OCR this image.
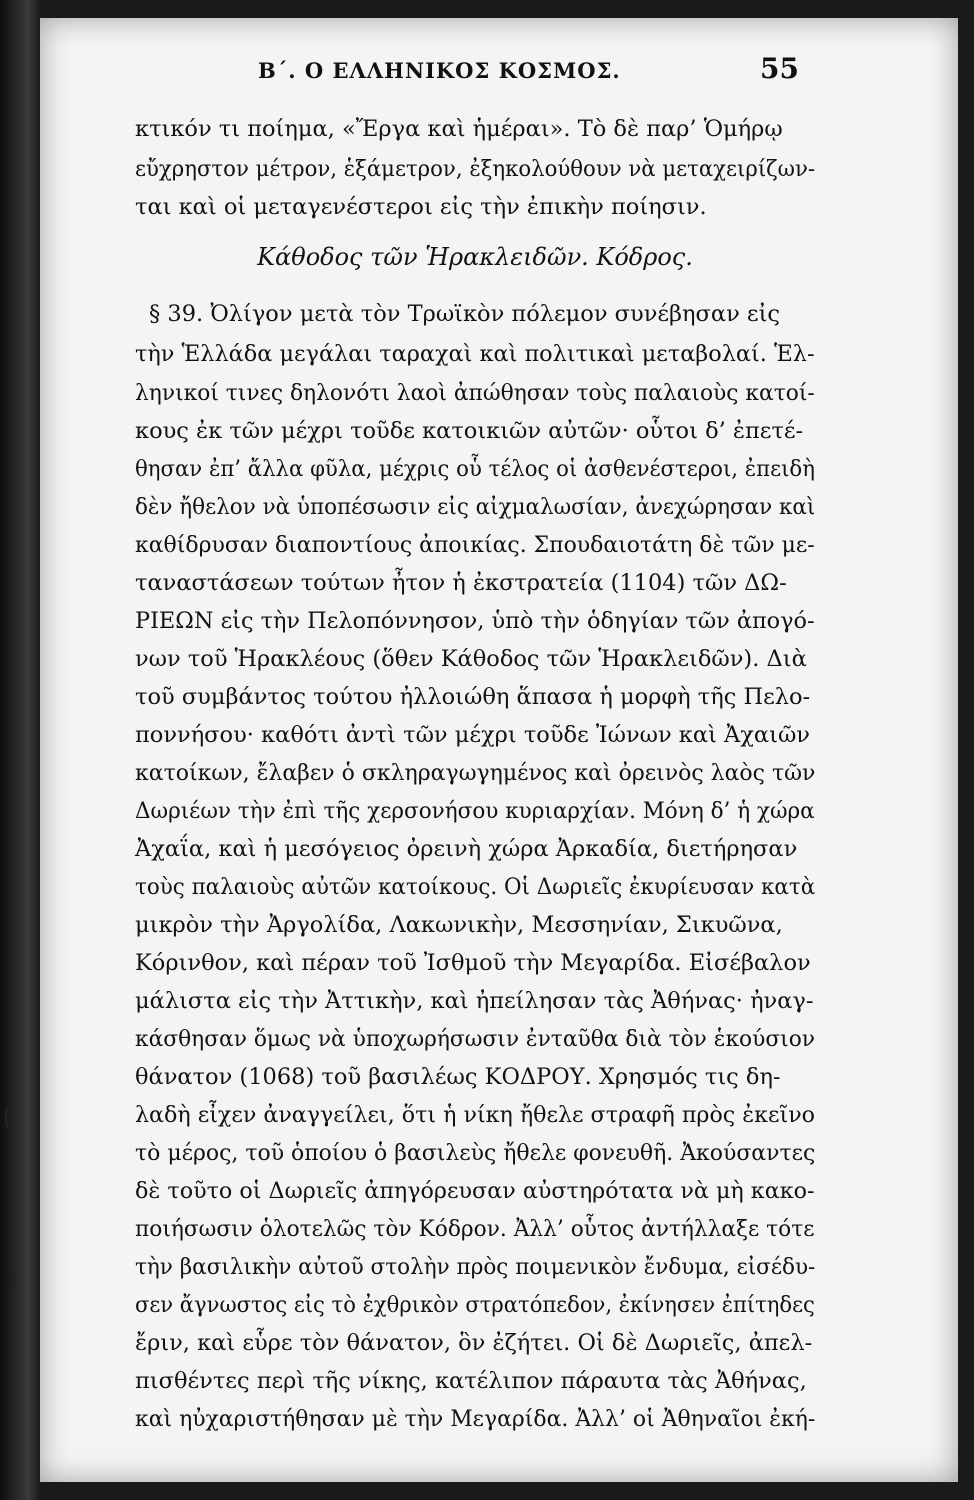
Β΄. Ο ΕΛΛΗΝΙΚΟΣ ΚΟΣΜΟΣ.	55
(
)
κτικόν τι ποίημα, «Ἔργα καὶ ἡμέραι». Τὸ δὲ παρ’ Ὁμήρῳ
εὔχρηστον μέτρον, ἑξάμετρον, ἐξηκολούθουν νὰ μεταχειρίζων-
ται καὶ οἱ μεταγενέστεροι εἰς τὴν ἐπικὴν ποίησιν.
Κάθοδος τῶν Ἡρακλειδῶν. Κόδρος.
§ 39. Ὀλίγον μετὰ τὸν Τρωϊκὸν πόλεμον συνέβησαν εἰς
τὴν Ἑλλάδα μεγάλαι ταραχαὶ καὶ πολιτικαὶ μεταβολαί. Ἑλ-
ληνικοί τινες δηλονότι λαοὶ ἀπώθησαν τοὺς παλαιοὺς κατοί-
κους ἐκ τῶν μέχρι τοῦδε κατοικιῶν αὐτῶν· οὗτοι δ’ ἐπετέ-
θησαν ἐπ’ ἄλλα φῦλα, μέχρις οὗ τέλος οἱ ἀσθενέστεροι, ἐπειδὴ
δὲν ἤθελον νὰ ὑποπέσωσιν εἰς αἰχμαλωσίαν, ἀνεχώρησαν καὶ
καθίδρυσαν διαποντίους ἀποικίας. Σπουδαιοτάτη δὲ τῶν με-
ταναστάσεων τούτων ἦτον ἡ ἐκστρατεία (1104) τῶν ΔΩ-
ΡΙΕΩΝ εἰς τὴν Πελοπόννησον, ὑπὸ τὴν ὁδηγίαν τῶν ἀπογό-
νων τοῦ Ἡρακλέους (ὅθεν Κάθοδος τῶν Ἡρακλειδῶν). Διὰ
τοῦ συμβάντος τούτου ἠλλοιώθη ἅπασα ἡ μορφὴ τῆς Πελο-
ποννήσου· καθότι ἀντὶ τῶν μέχρι τοῦδε Ἰώνων καὶ Ἀχαιῶν
κατοίκων, ἔλαβεν ὁ σκληραγωγημένος καὶ ὀρεινὸς λαὸς τῶν
Δωριέων τὴν ἐπὶ τῆς χερσονήσου κυριαρχίαν. Μόνη δ’ ἡ χώρα
Ἀχαΐα, καὶ ἡ μεσόγειος ὀρεινὴ χώρα Ἀρκαδία, διετήρησαν
τοὺς παλαιοὺς αὐτῶν κατοίκους. Οἱ Δωριεῖς ἐκυρίευσαν κατὰ
μικρὸν τὴν Ἀργολίδα, Λακωνικὴν, Μεσσηνίαν, Σικυῶνα,
Κόρινθον, καὶ πέραν τοῦ Ἰσθμοῦ τὴν Μεγαρίδα. Εἰσέβαλον
μάλιστα εἰς τὴν Ἀττικὴν, καὶ ἠπείλησαν τὰς Ἀθήνας· ἠναγ-
κάσθησαν ὅμως νὰ ὑποχωρήσωσιν ἐνταῦθα διὰ τὸν ἑκούσιον
θάνατον (1068) τοῦ βασιλέως ΚΟΔΡΟΥ. Χρησμός τις δη-
λαδὴ εἶχεν ἀναγγείλει, ὅτι ἡ νίκη ἤθελε στραφῆ πρὸς ἐκεῖνο
τὸ μέρος, τοῦ ὁποίου ὁ βασιλεὺς ἤθελε φονευθῆ. Ἀκούσαντες
δὲ τοῦτο οἱ Δωριεῖς ἀπηγόρευσαν αὐστηρότατα νὰ μὴ κακο-
ποιήσωσιν ὁλοτελῶς τὸν Κόδρον. Ἀλλ’ οὗτος ἀντήλλαξε τότε
τὴν βασιλικὴν αὐτοῦ στολὴν πρὸς ποιμενικὸν ἔνδυμα, εἰσέδυ-
σεν ἄγνωστος εἰς τὸ ἐχθρικὸν στρατόπεδον, ἐκίνησεν ἐπίτηδες
ἔριν, καὶ εὗρε τὸν θάνατον, ὃν ἐζήτει. Οἱ δὲ Δωριεῖς, ἀπελ-
πισθέντες περὶ τῆς νίκης, κατέλιπον πάραυτα τὰς Ἀθήνας,
καὶ ηὐχαριστήθησαν μὲ τὴν Μεγαρίδα. Ἀλλ’ οἱ Ἀθηναῖοι ἐκή-
